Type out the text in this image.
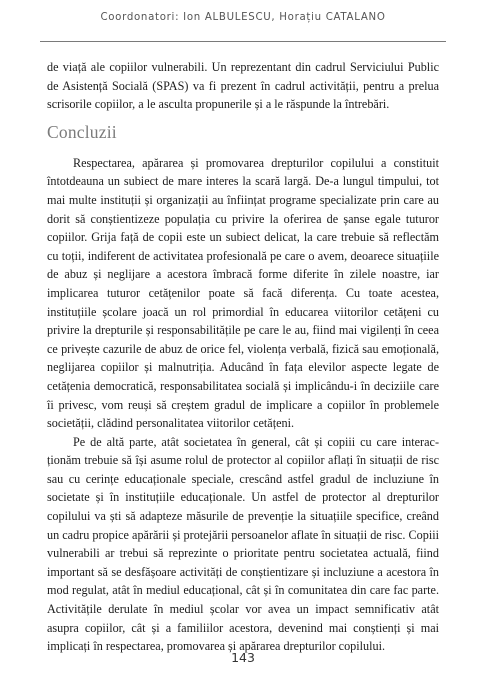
Coordonatori: Ion ALBULESCU, Horațiu CATALANO

de viață ale copiilor vulnerabili. Un reprezentant din cadrul Serviciului Public de Asistență Socială (SPAS) va fi prezent în cadrul activității, pentru a prelua scrisorile copiilor, a le asculta propunerile și a le răspunde la întrebări.

Concluzii

Respectarea, apărarea și promovarea drepturilor copilului a constituit întotdeauna un subiect de mare interes la scară largă. De-a lungul timpului, tot mai multe instituții și organizații au înființat programe specializate prin care au dorit să conștientizeze populația cu privire la oferirea de șanse egale tuturor copiilor. Grija față de copii este un subiect delicat, la care trebuie să reflectăm cu toții, indiferent de activitatea profesională pe care o avem, deoarece situațiile de abuz și neglijare a acestora îmbracă forme diferite în zilele noastre, iar implicarea tuturor cetățenilor poate să facă diferența. Cu toate acestea, instituțiile școlare joacă un rol primordial în educarea viitorilor cetățeni cu privire la drepturile și responsabilitățile pe care le au, fiind mai vigilenți în ceea ce privește cazurile de abuz de orice fel, violența verbală, fizică sau emoțională, neglijarea copiilor și malnutriția. Aducând în fața elevilor aspecte legate de cetățenia democratică, responsabilitatea socială și implicându-i în deciziile care îi privesc, vom reuși să creștem gradul de implicare a copiilor în problemele societății, clădind personalitatea viitorilor cetățeni.

Pe de altă parte, atât societatea în general, cât și copiii cu care interacționăm trebuie să își asume rolul de protector al copiilor aflați în situații de risc sau cu cerințe educaționale speciale, crescând astfel gradul de incluziune în societate și în instituțiile educaționale. Un astfel de protector al drepturilor copilului va ști să adapteze măsurile de prevenție la situațiile specifice, creând un cadru propice apărării și protejării persoanelor aflate în situații de risc. Copiii vulnerabili ar trebui să reprezinte o prioritate pentru societatea actuală, fiind important să se desfășoare activități de conștientizare și incluziune a acestora în mod regulat, atât în mediul educațional, cât și în comunitatea din care fac parte. Activitățile derulate în mediul școlar vor avea un impact semnificativ atât asupra copiilor, cât și a familiilor acestora, devenind mai conștienți și mai implicați în respectarea, promovarea și apărarea drepturilor copilului.

143
